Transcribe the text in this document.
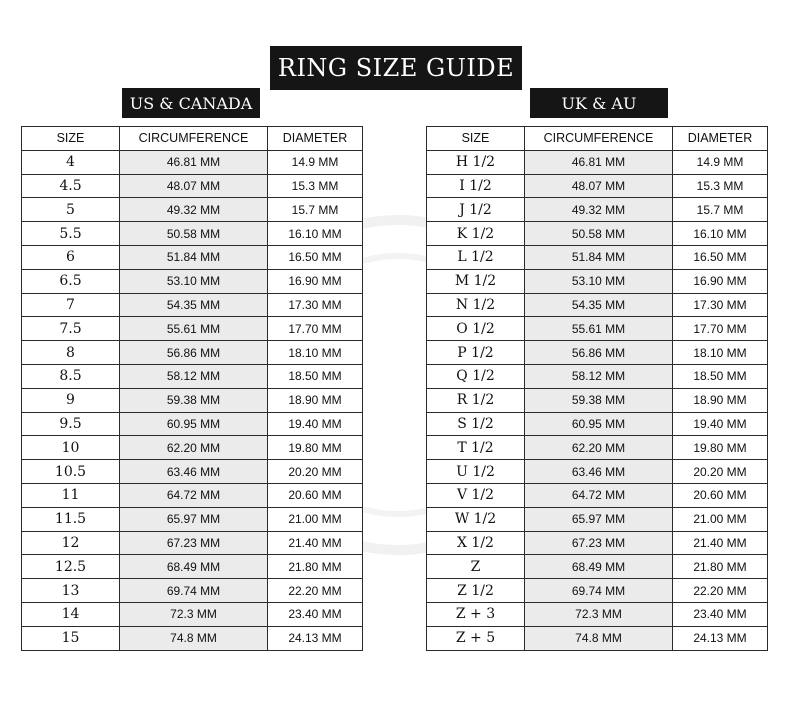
RING SIZE GUIDE
US & CANADA	UK & AU
SIZE	CIRCUMFERENCE	DIAMETER
4	46.81 MM	14.9 MM
4.5	48.07 MM	15.3 MM
5	49.32 MM	15.7 MM
5.5	50.58 MM	16.10 MM
6	51.84 MM	16.50 MM
6.5	53.10 MM	16.90 MM
7	54.35 MM	17.30 MM
7.5	55.61 MM	17.70 MM
8	56.86 MM	18.10 MM
8.5	58.12 MM	18.50 MM
9	59.38 MM	18.90 MM
9.5	60.95 MM	19.40 MM
10	62.20 MM	19.80 MM
10.5	63.46 MM	20.20 MM
11	64.72 MM	20.60 MM
11.5	65.97 MM	21.00 MM
12	67.23 MM	21.40 MM
12.5	68.49 MM	21.80 MM
13	69.74 MM	22.20 MM
14	72.3 MM	23.40 MM
15	74.8 MM	24.13 MM
SIZE	CIRCUMFERENCE	DIAMETER
H 1/2	46.81 MM	14.9 MM
I 1/2	48.07 MM	15.3 MM
J 1/2	49.32 MM	15.7 MM
K 1/2	50.58 MM	16.10 MM
L 1/2	51.84 MM	16.50 MM
M 1/2	53.10 MM	16.90 MM
N 1/2	54.35 MM	17.30 MM
O 1/2	55.61 MM	17.70 MM
P 1/2	56.86 MM	18.10 MM
Q 1/2	58.12 MM	18.50 MM
R 1/2	59.38 MM	18.90 MM
S 1/2	60.95 MM	19.40 MM
T 1/2	62.20 MM	19.80 MM
U 1/2	63.46 MM	20.20 MM
V 1/2	64.72 MM	20.60 MM
W 1/2	65.97 MM	21.00 MM
X 1/2	67.23 MM	21.40 MM
Z	68.49 MM	21.80 MM
Z 1/2	69.74 MM	22.20 MM
Z + 3	72.3 MM	23.40 MM
Z + 5	74.8 MM	24.13 MM
